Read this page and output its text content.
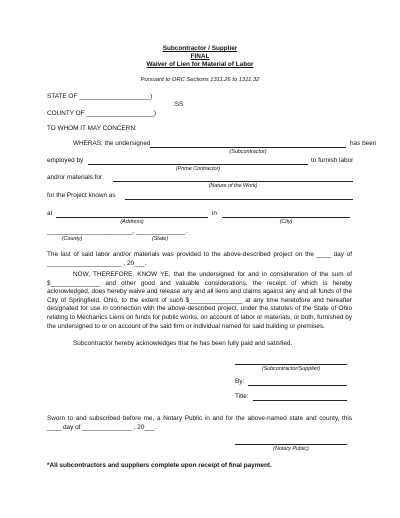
Subcontractor / Supplier
FINAL
Waiver of Lien for Material of Labor
Pursuant to ORC Sections 1311.26 to 1311.32
STATE OF ____________________)
:SS
COUNTY OF ___________________)
TO WHOM IT MAY CONCERN:
WHERAS, the undersigned	has been
(Subcontractor)
employed by	to furnish labor
(Prime Contractor)
and/or materials for
(Nature of the Work)
for the Project known as
at	in
(Address)	(City)
________________________, ______________.
(County)	(State)
The last of said labor and/or materials was provided to the above-described project on the ____ day of _____________________ , 20___.
NOW, THEREFORE, KNOW YE, that the undersigned for and in consideration of the sum of $______________ and other good and valuable considerations, the receipt of which is hereby acknowledged, does hereby waive and release any and all liens and claims against any and all funds of the City of Springfield, Ohio, to the extent of such $_______________ at any time heretofore and hereafter designated for use in connection with the above-described project, under the statutes of the State of Ohio relating to Mechanics Liens on funds for public works, on account of labor or materials, or both, furnished by the undersigned to or on account of the said firm or individual named for said building or premises.
Subcontractor hereby acknowledges that he has been fully paid and satisfied.
(Subcontractor/Supplier)
By:
Title:
Sworn to and subscribed before me, a Notary Public in and for the above-named state and county, this ____ day of ______________ , 20___.
(Notary Public)
*All subcontractors and suppliers complete upon receipt of final payment.
